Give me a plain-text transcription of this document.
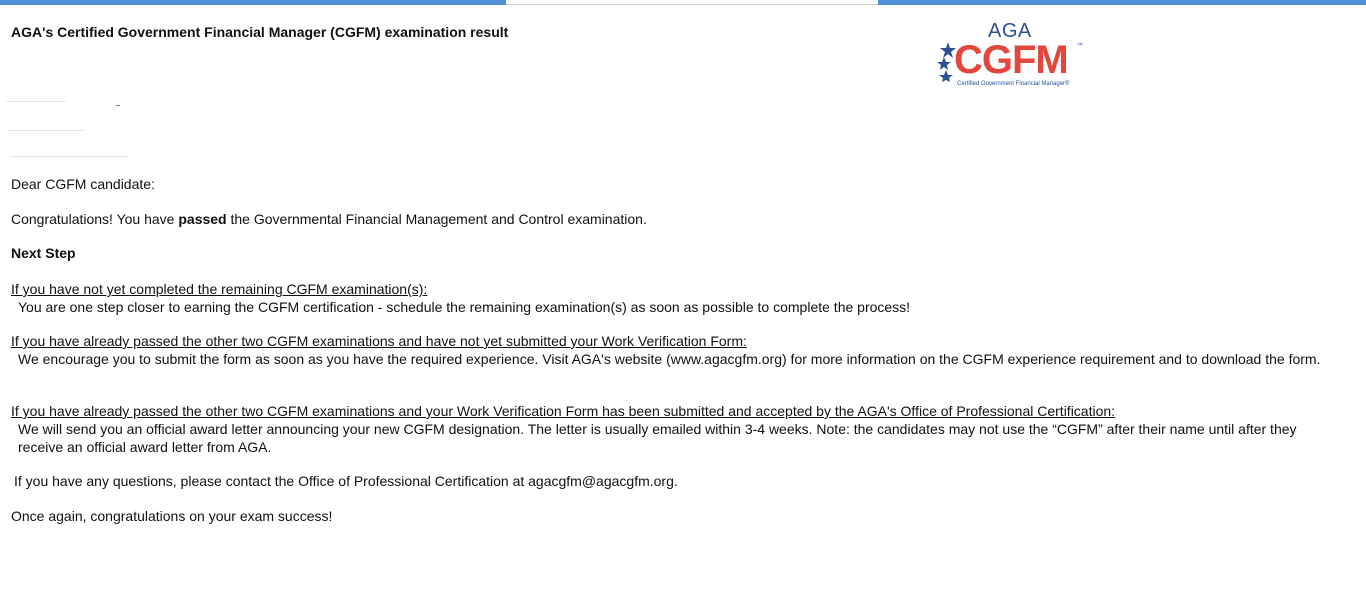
AGA's Certified Government Financial Manager (CGFM) examination result	AGA
CGFM ™
Certified Government Financial Manager®

Dear CGFM candidate:

Congratulations! You have passed the Governmental Financial Management and Control examination.

Next Step

If you have not yet completed the remaining CGFM examination(s):

You are one step closer to earning the CGFM certification - schedule the remaining examination(s) as soon as possible to complete the process!

If you have already passed the other two CGFM examinations and have not yet submitted your Work Verification Form:

We encourage you to submit the form as soon as you have the required experience. Visit AGA's website (www.agacgfm.org) for more information on the CGFM experience requirement and to download the form.

If you have already passed the other two CGFM examinations and your Work Verification Form has been submitted and accepted by the AGA's Office of Professional Certification:

We will send you an official award letter announcing your new CGFM designation. The letter is usually emailed within 3-4 weeks. Note: the candidates may not use the “CGFM” after their name until after they receive an official award letter from AGA.

If you have any questions, please contact the Office of Professional Certification at agacgfm@agacgfm.org.

Once again, congratulations on your exam success!
